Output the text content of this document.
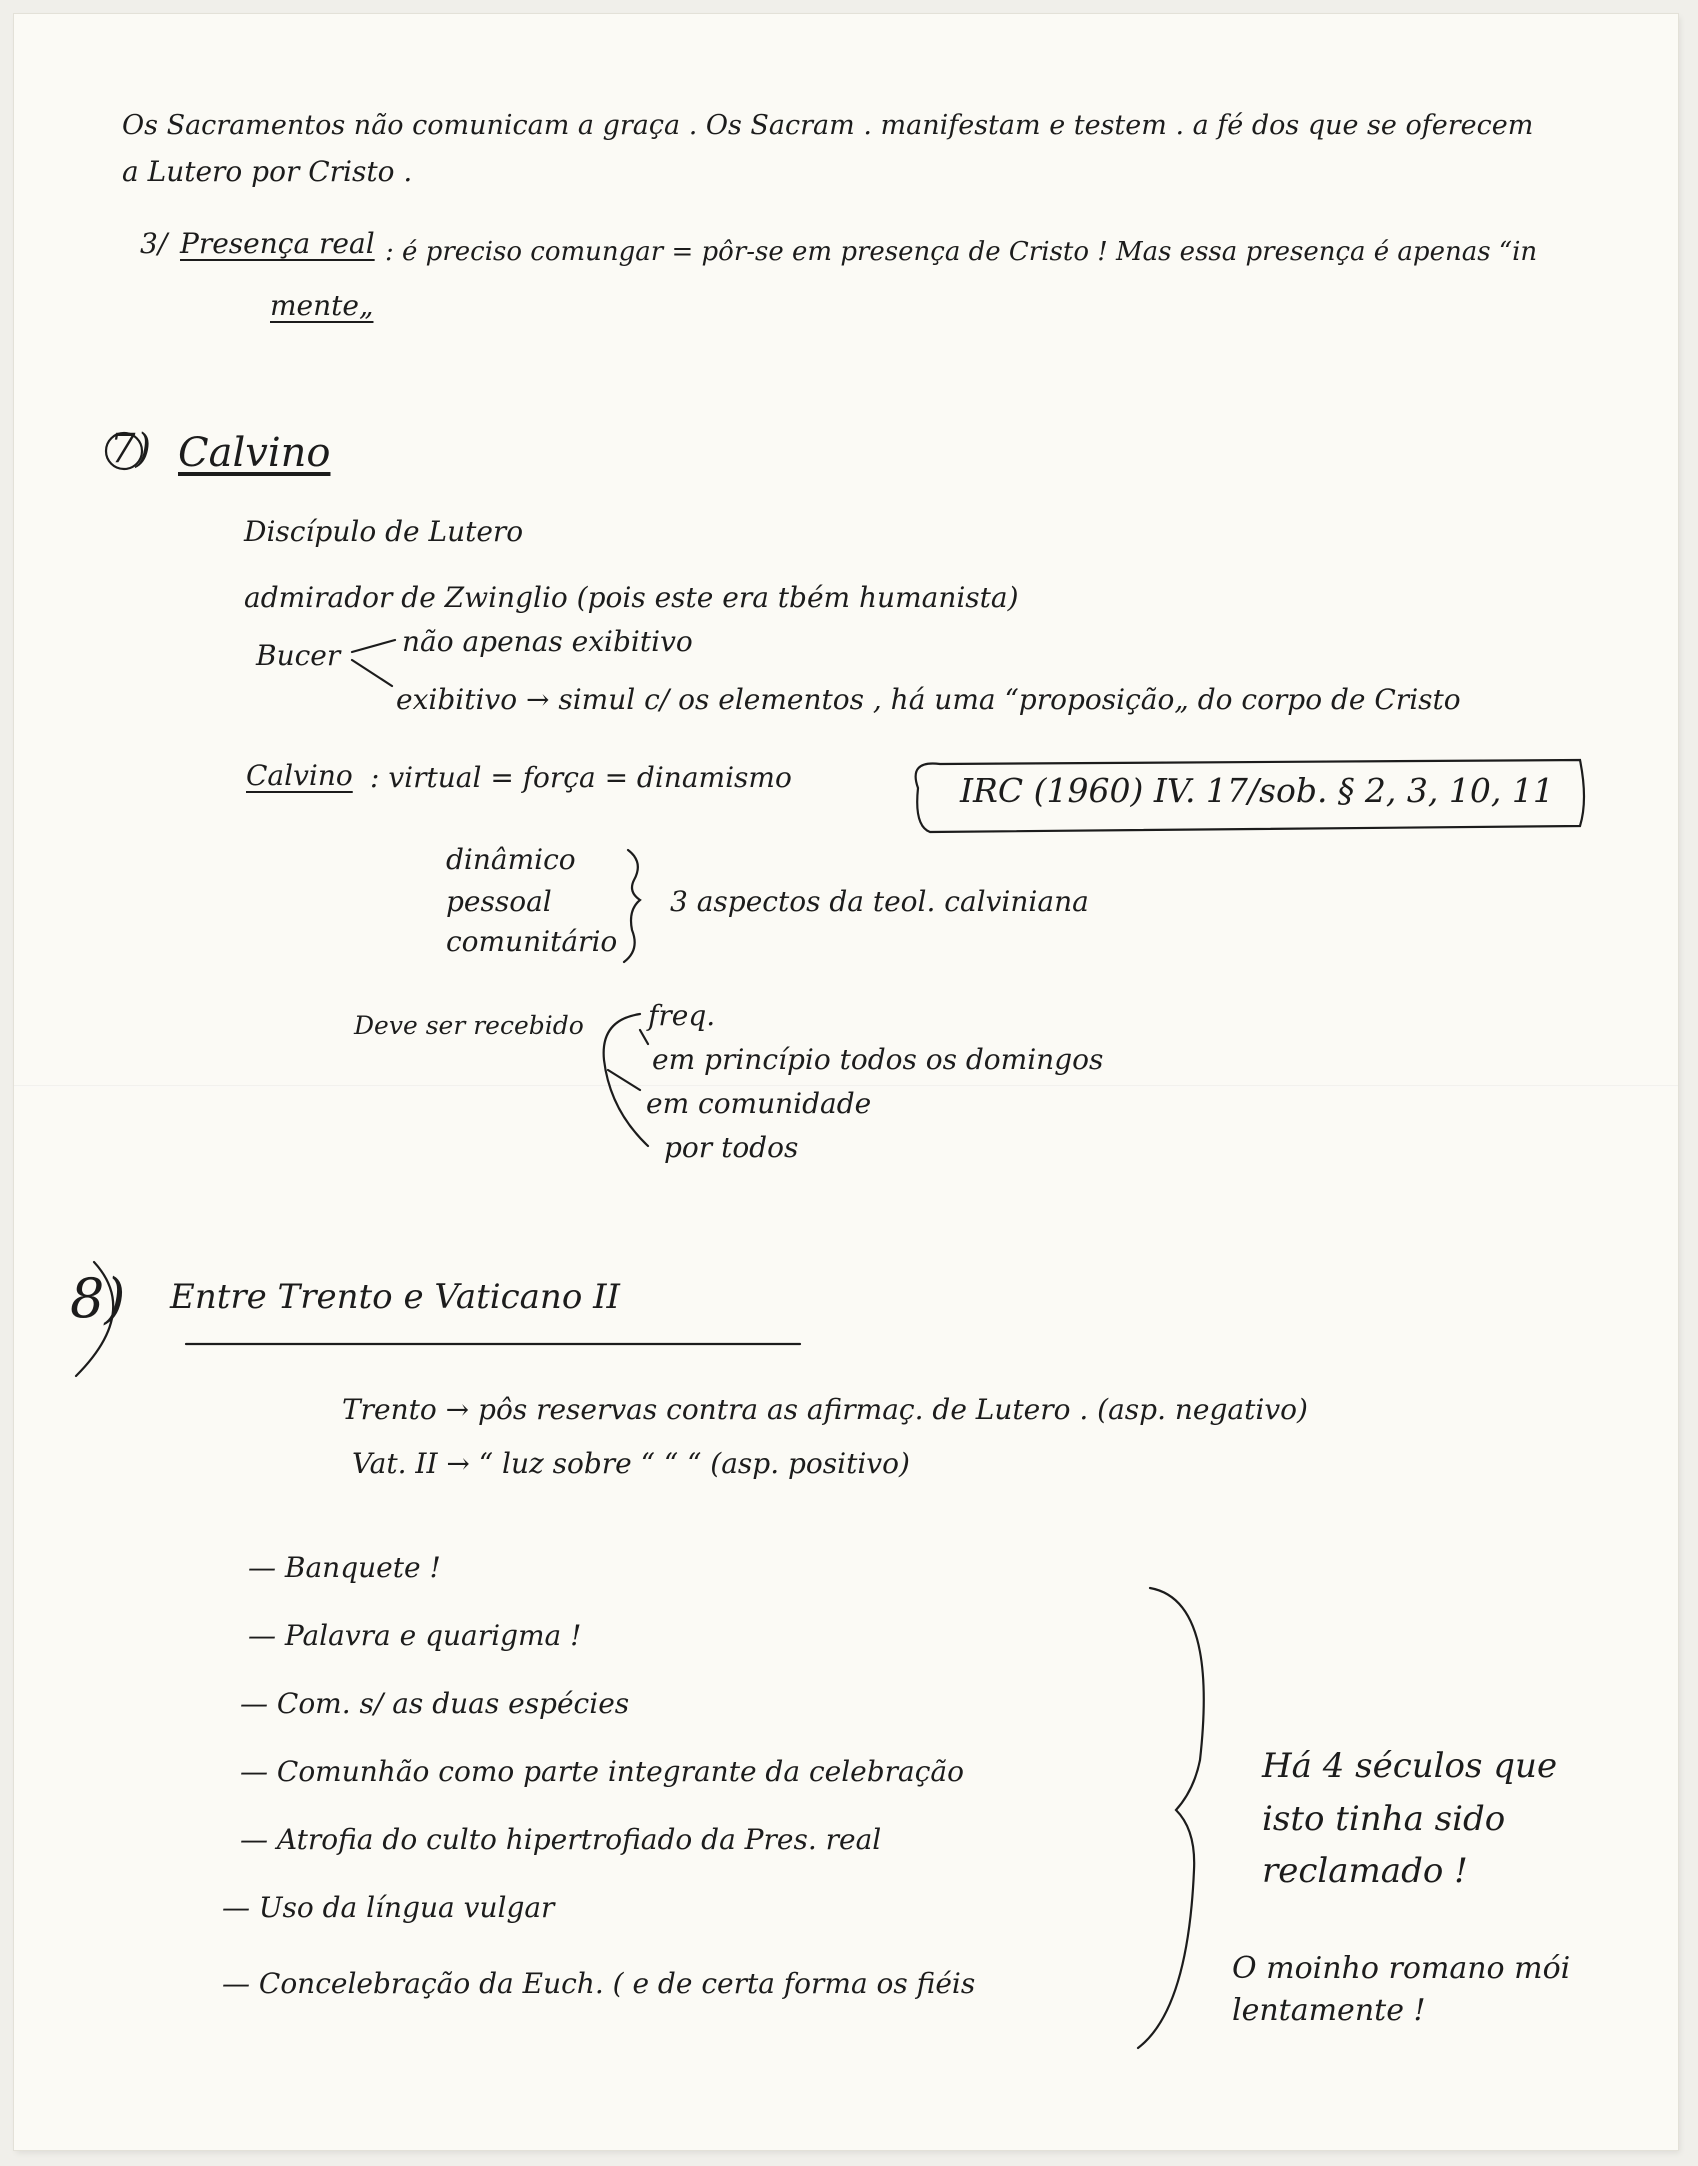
Os Sacramentos não comunicam a graça . Os Sacram . manifestam e testem . a fé dos que se oferecem
a Lutero por Cristo .
3/ Presença real : é preciso comungar = pôr-se em presença de Cristo ! Mas essa presença é apenas “in
mente„
7) Calvino
Discípulo de Lutero
admirador de Zwinglio (pois este era tbém humanista)
Bucer não apenas exibitivo
exibitivo → simul c/ os elementos , há uma “proposição„ do corpo de Cristo
Calvino : virtual = força = dinamismo	IRC (1960) IV. 17/sob. § 2, 3, 10, 11
dinâmico
pessoal
comunitário
3 aspectos da teol. calviniana
Deve ser recebido freq.
em princípio todos os domingos
em comunidade
por todos
8) Entre Trento e Vaticano II
Trento → pôs reservas contra as afirmaç. de Lutero . (asp. negativo)
Vat. II → “ luz sobre “ “ “ (asp. positivo)
— Banquete !
— Palavra e quarigma !
— Com. s/ as duas espécies
— Comunhão como parte integrante da celebração
— Atrofia do culto hipertrofiado da Pres. real
— Uso da língua vulgar
— Concelebração da Euch. ( e de certa forma os fiéis
Há 4 séculos que isto tinha sido reclamado !
O moinho romano mói lentamente !
